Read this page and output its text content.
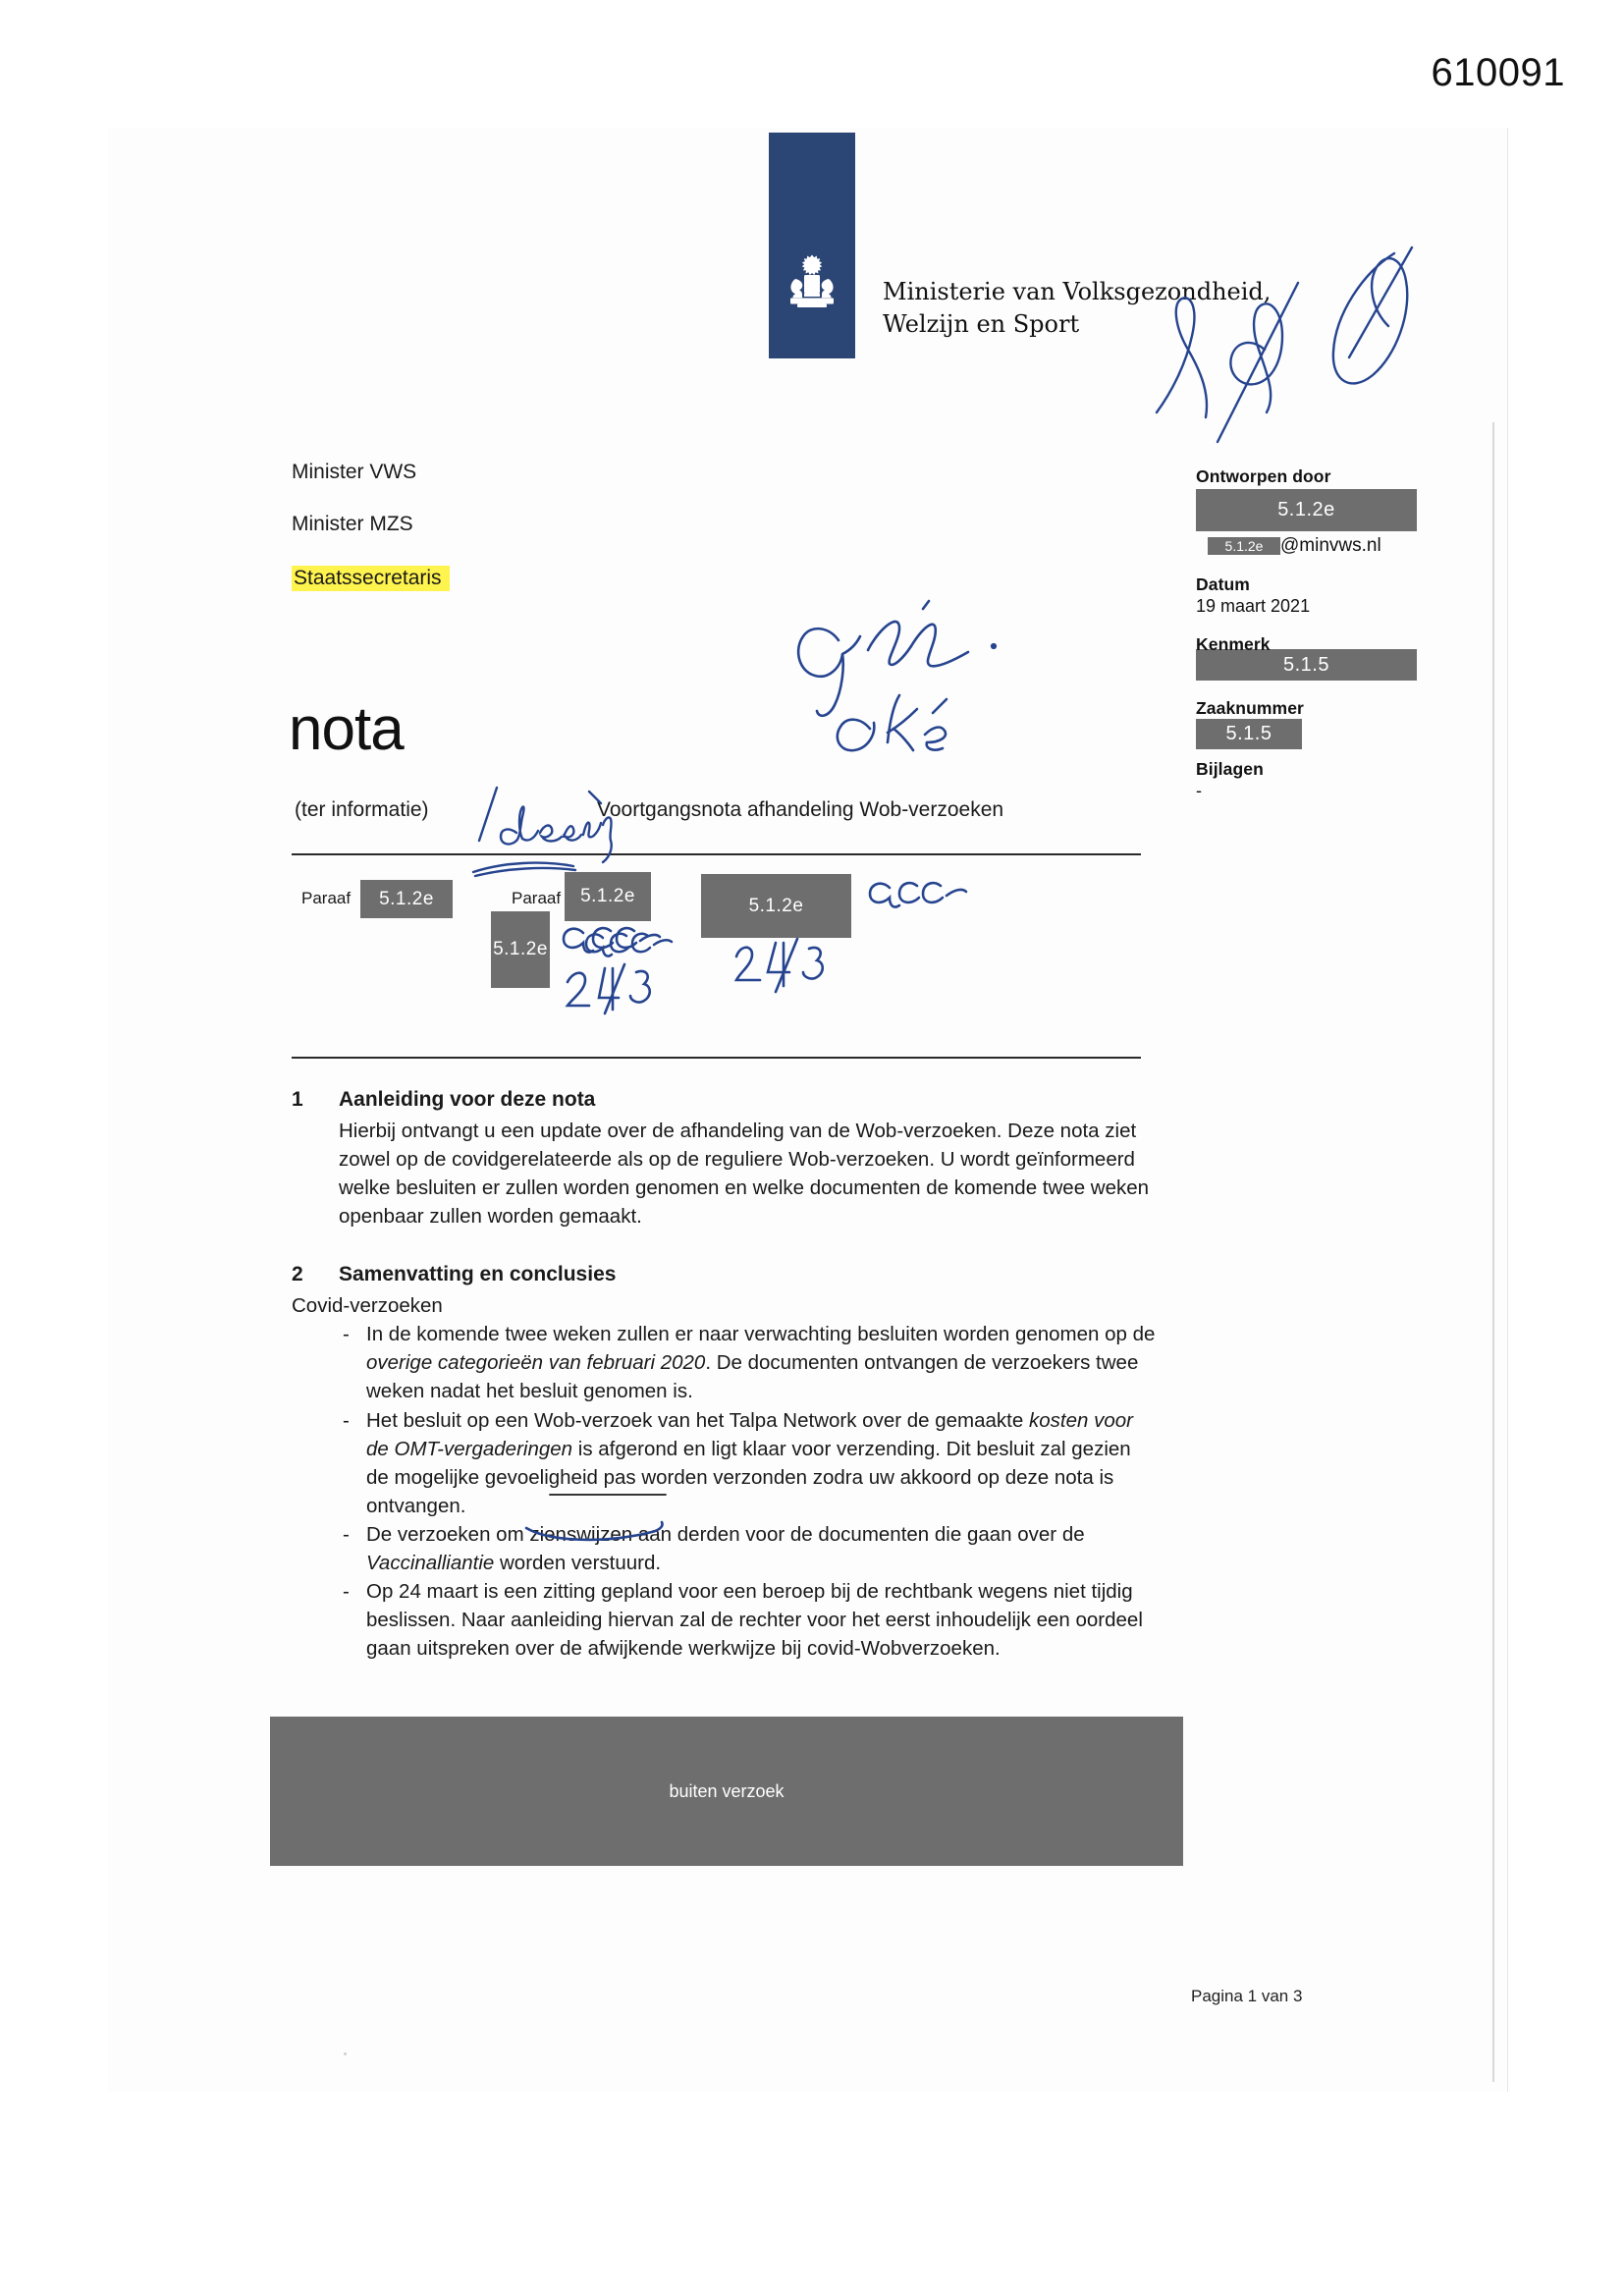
610091
Ministerie van Volksgezondheid,
Welzijn en Sport
Minister VWS
Minister MZS
Staatssecretaris
nota
(ter informatie)	Voortgangsnota afhandeling Wob-verzoeken
Paraaf	5.1.2e	Paraaf
5.1.2e
5.1.2e	5.1.2e
Ontworpen door
5.1.2e
5.1.2e @minvws.nl
Datum
19 maart 2021
Kenmerk
5.1.5
Zaaknummer
5.1.5
Bijlagen
-
1	Aanleiding voor deze nota
Hierbij ontvangt u een update over de afhandeling van de Wob-verzoeken. Deze nota ziet zowel op de covidgerelateerde als op de reguliere Wob-verzoeken. U wordt geïnformeerd welke besluiten er zullen worden genomen en welke documenten de komende twee weken openbaar zullen worden gemaakt.
2	Samenvatting en conclusies
Covid-verzoeken
- In de komende twee weken zullen er naar verwachting besluiten worden genomen op de overige categorieën van februari 2020. De documenten ontvangen de verzoekers twee weken nadat het besluit genomen is.
- Het besluit op een Wob-verzoek van het Talpa Network over de gemaakte kosten voor de OMT-vergaderingen is afgerond en ligt klaar voor verzending. Dit besluit zal gezien de mogelijke gevoeligheid pas worden verzonden zodra uw akkoord op deze nota is ontvangen.
- De verzoeken om zienswijzen aan derden voor de documenten die gaan over de Vaccinalliantie worden verstuurd.
- Op 24 maart is een zitting gepland voor een beroep bij de rechtbank wegens niet tijdig beslissen. Naar aanleiding hiervan zal de rechter voor het eerst inhoudelijk een oordeel gaan uitspreken over de afwijkende werkwijze bij covid-Wobverzoeken.
buiten verzoek
Pagina 1 van 3
